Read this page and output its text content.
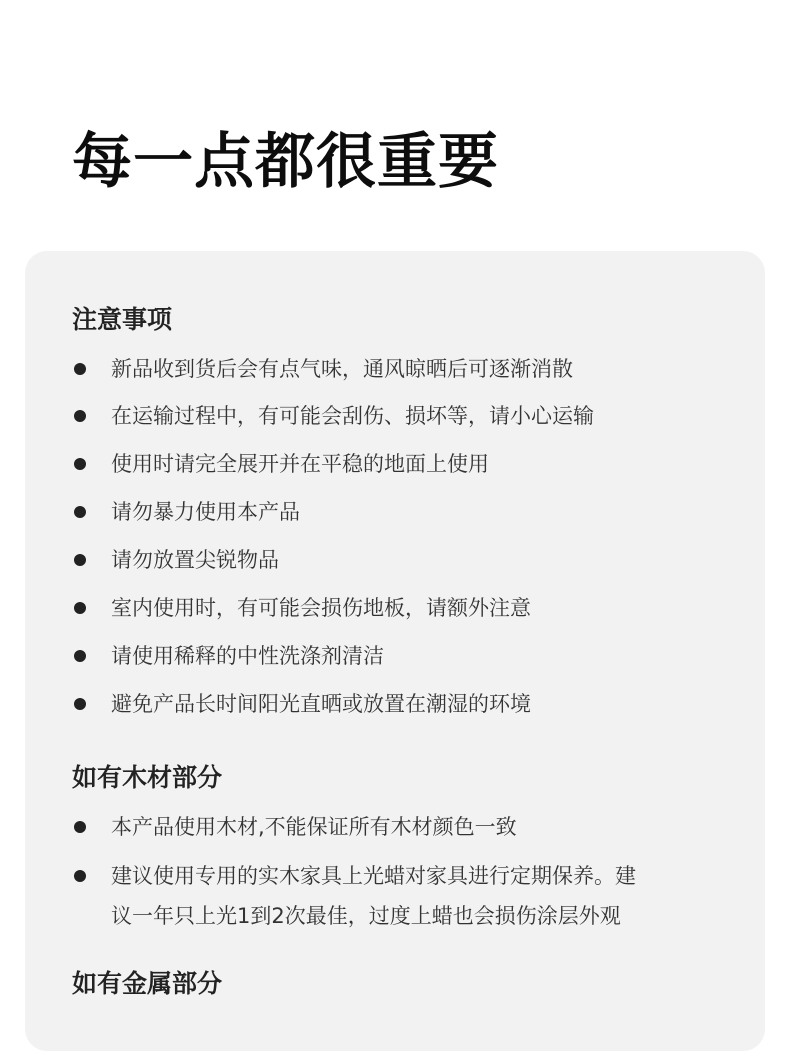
每一点都很重要
注意事项
新品收到货后会有点气味，通风晾晒后可逐渐消散
在运输过程中，有可能会刮伤、损坏等，请小心运输
使用时请完全展开并在平稳的地面上使用
请勿暴力使用本产品
请勿放置尖锐物品
室内使用时，有可能会损伤地板，请额外注意
请使用稀释的中性洗涤剂清洁
避免产品长时间阳光直晒或放置在潮湿的环境
如有木材部分
本产品使用木材,不能保证所有木材颜色一致
建议使用专用的实木家具上光蜡对家具进行定期保养。建
议一年只上光1到2次最佳，过度上蜡也会损伤涂层外观
如有金属部分
